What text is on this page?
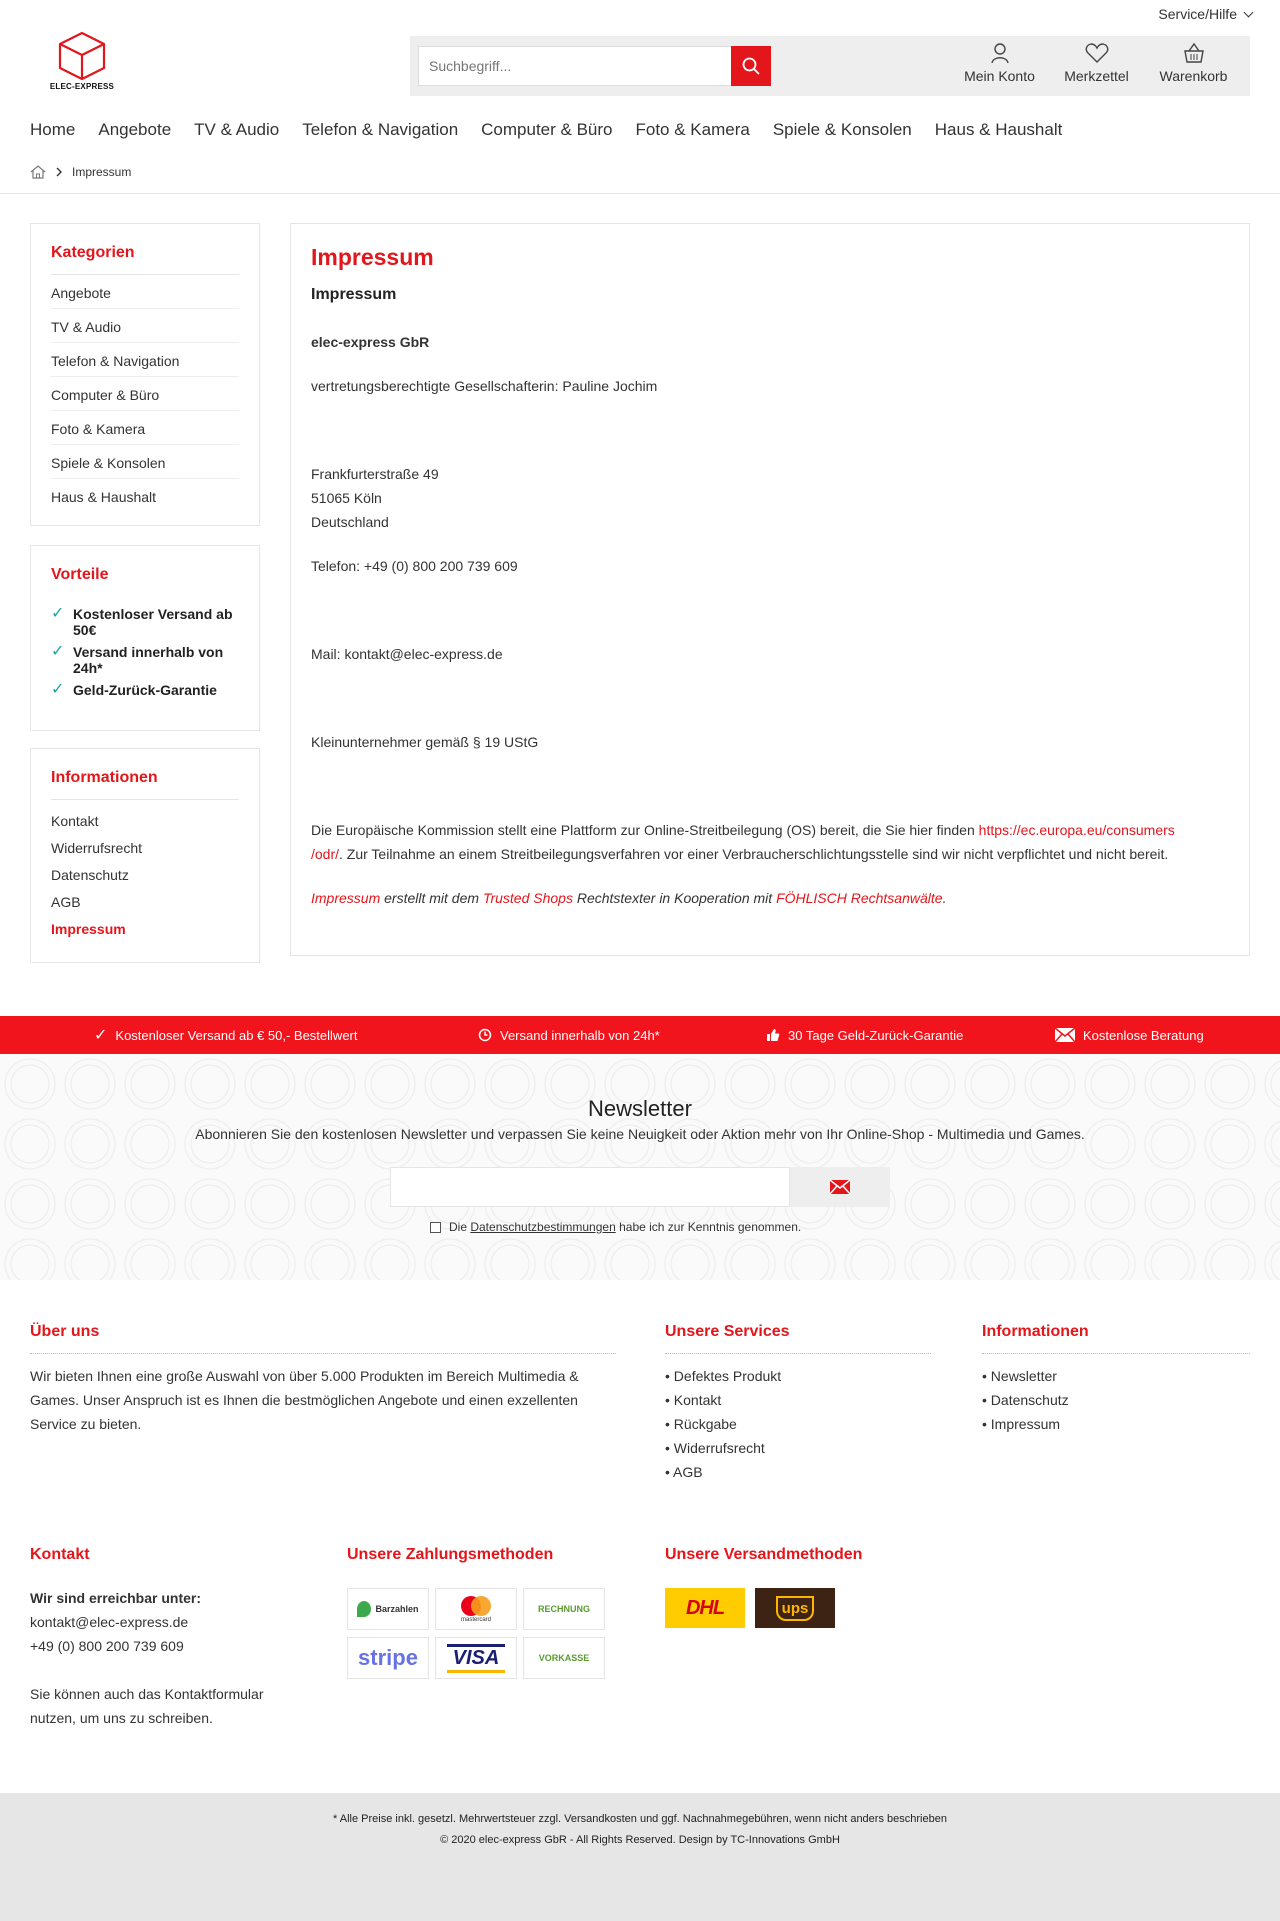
Service/Hilfe
ELEC-EXPRESS
Suchbegriff...
Mein Konto Merkzettel Warenkorb
Home	Angebote	TV & Audio	Telefon & Navigation	Computer & Büro	Foto & Kamera	Spiele & Konsolen	Haus & Haushalt
Impressum
Kategorien
Angebote
TV & Audio
Telefon & Navigation
Computer & Büro
Foto & Kamera
Spiele & Konsolen
Haus & Haushalt
Vorteile
✓ Kostenloser Versand ab 50€
✓ Versand innerhalb von 24h*
✓ Geld-Zurück-Garantie
Informationen
Kontakt
Widerrufsrecht
Datenschutz
AGB
Impressum
Impressum
Impressum

elec-express GbR

vertretungsberechtigte Gesellschafterin: Pauline Jochim

Frankfurterstraße 49

51065 Köln

Deutschland

Telefon: +49 (0) 800 200 739 609

Mail: kontakt@elec-express.de

Kleinunternehmer gemäß § 19 UStG

Die Europäische Kommission stellt eine Plattform zur Online-Streitbeilegung (OS) bereit, die Sie hier finden https://ec.europa.eu/consumers
/odr/. Zur Teilnahme an einem Streitbeilegungsverfahren vor einer Verbraucherschlichtungsstelle sind wir nicht verpflichtet und nicht bereit.

Impressum erstellt mit dem Trusted Shops Rechtstexter in Kooperation mit FÖHLISCH Rechtsanwälte.

✓ Kostenloser Versand ab € 50,- Bestellwert	Versand innerhalb von 24h*	30 Tage Geld-Zurück-Garantie	Kostenlose Beratung
Newsletter
Abonnieren Sie den kostenlosen Newsletter und verpassen Sie keine Neuigkeit oder Aktion mehr von Ihr Online-Shop - Multimedia und Games.
Die Datenschutzbestimmungen habe ich zur Kenntnis genommen.
Über uns
Wir bieten Ihnen eine große Auswahl von über 5.000 Produkten im Bereich Multimedia & Games. Unser Anspruch ist es Ihnen die bestmöglichen Angebote und einen exzellenten Service zu bieten.
Unsere Services
• Defektes Produkt
• Kontakt
• Rückgabe
• Widerrufsrecht
• AGB
Informationen
• Newsletter
• Datenschutz
• Impressum
Kontakt
Wir sind erreichbar unter:
kontakt@elec-express.de
+49 (0) 800 200 739 609
Sie können auch das Kontaktformular nutzen, um uns zu schreiben.
Unsere Zahlungsmethoden
Barzahlen
mastercard
RECHNUNG
stripe	VISA	VORKASSE
Unsere Versandmethoden
DHL	ups
* Alle Preise inkl. gesetzl. Mehrwertsteuer zzgl. Versandkosten und ggf. Nachnahmegebühren, wenn nicht anders beschrieben
© 2020 elec-express GbR - All Rights Reserved. Design by TC-Innovations GmbH
